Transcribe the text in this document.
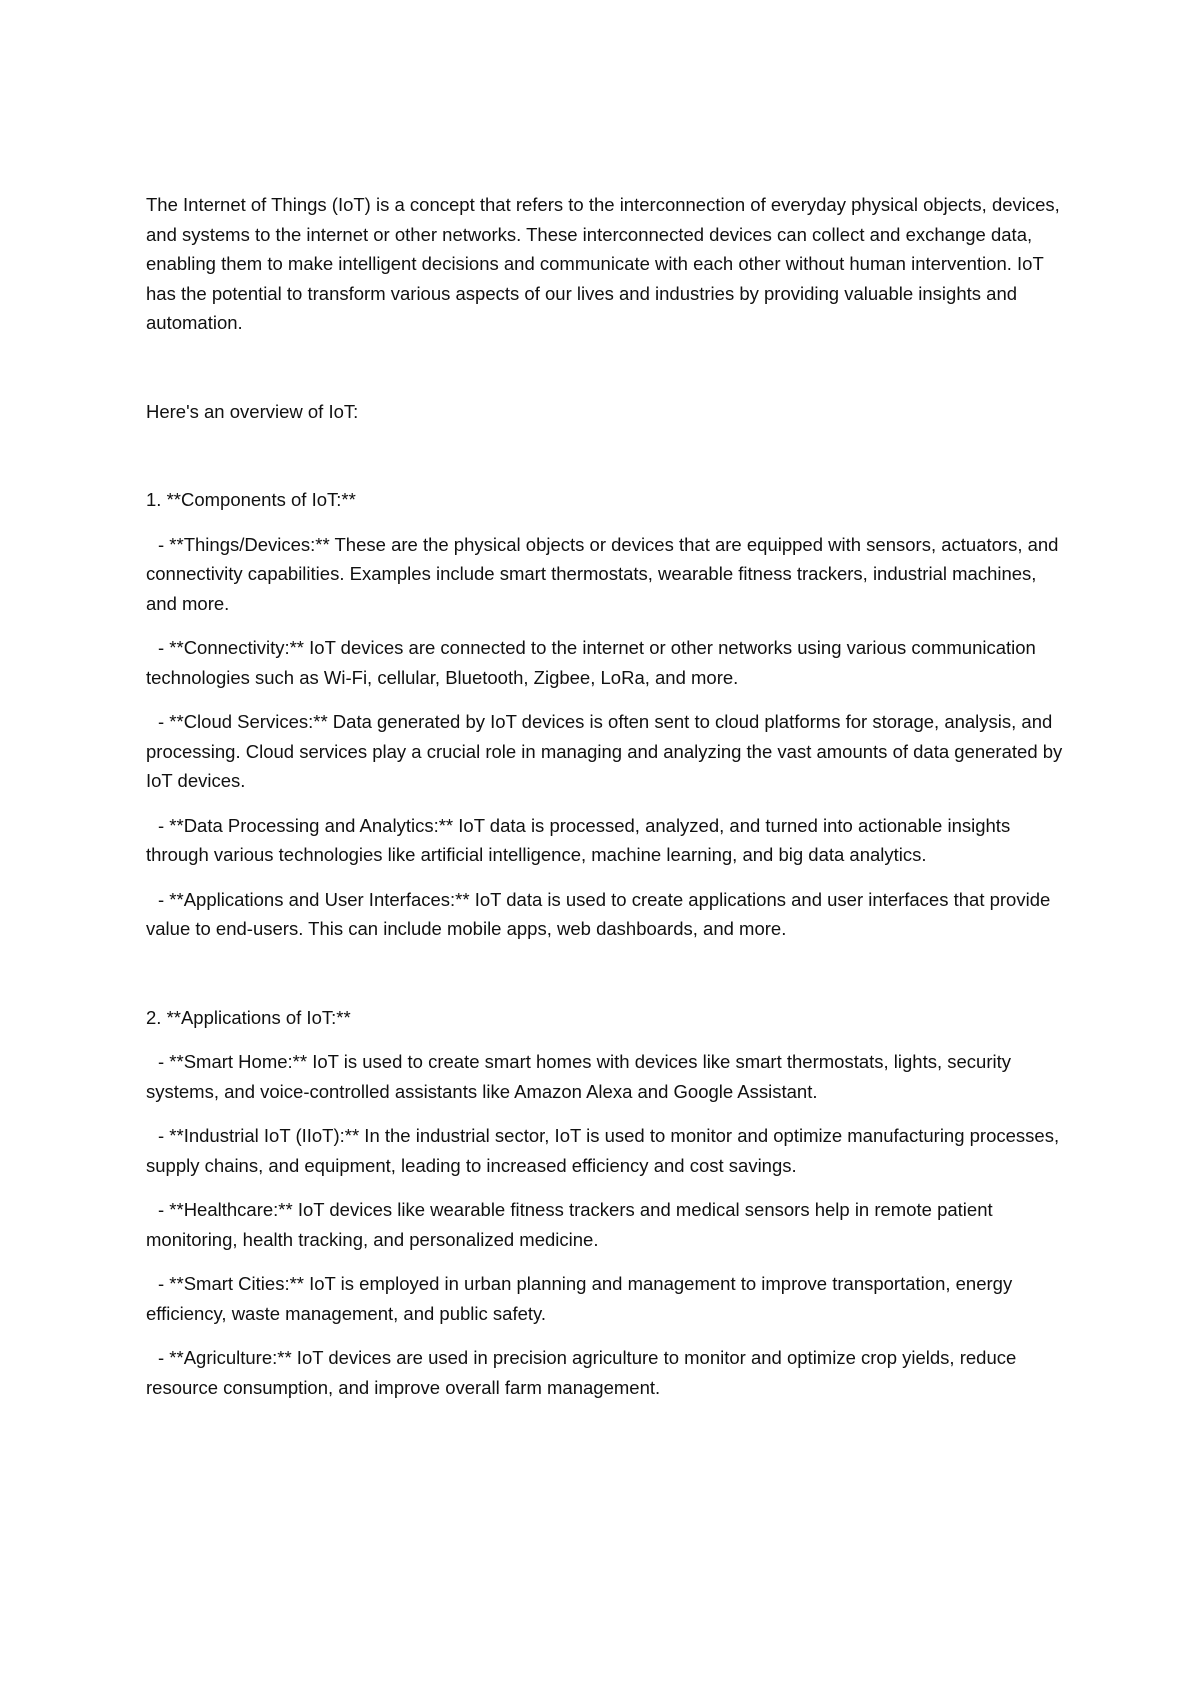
The Internet of Things (IoT) is a concept that refers to the interconnection of everyday physical objects, devices, and systems to the internet or other networks. These interconnected devices can collect and exchange data, enabling them to make intelligent decisions and communicate with each other without human intervention. IoT has the potential to transform various aspects of our lives and industries by providing valuable insights and automation.

Here's an overview of IoT:

1. **Components of IoT:**

- **Things/Devices:** These are the physical objects or devices that are equipped with sensors, actuators, and connectivity capabilities. Examples include smart thermostats, wearable fitness trackers, industrial machines, and more.

- **Connectivity:** IoT devices are connected to the internet or other networks using various communication technologies such as Wi-Fi, cellular, Bluetooth, Zigbee, LoRa, and more.

- **Cloud Services:** Data generated by IoT devices is often sent to cloud platforms for storage, analysis, and processing. Cloud services play a crucial role in managing and analyzing the vast amounts of data generated by IoT devices.

- **Data Processing and Analytics:** IoT data is processed, analyzed, and turned into actionable insights through various technologies like artificial intelligence, machine learning, and big data analytics.

- **Applications and User Interfaces:** IoT data is used to create applications and user interfaces that provide value to end-users. This can include mobile apps, web dashboards, and more.

2. **Applications of IoT:**

- **Smart Home:** IoT is used to create smart homes with devices like smart thermostats, lights, security systems, and voice-controlled assistants like Amazon Alexa and Google Assistant.

- **Industrial IoT (IIoT):** In the industrial sector, IoT is used to monitor and optimize manufacturing processes, supply chains, and equipment, leading to increased efficiency and cost savings.

- **Healthcare:** IoT devices like wearable fitness trackers and medical sensors help in remote patient monitoring, health tracking, and personalized medicine.

- **Smart Cities:** IoT is employed in urban planning and management to improve transportation, energy efficiency, waste management, and public safety.

- **Agriculture:** IoT devices are used in precision agriculture to monitor and optimize crop yields, reduce resource consumption, and improve overall farm management.
